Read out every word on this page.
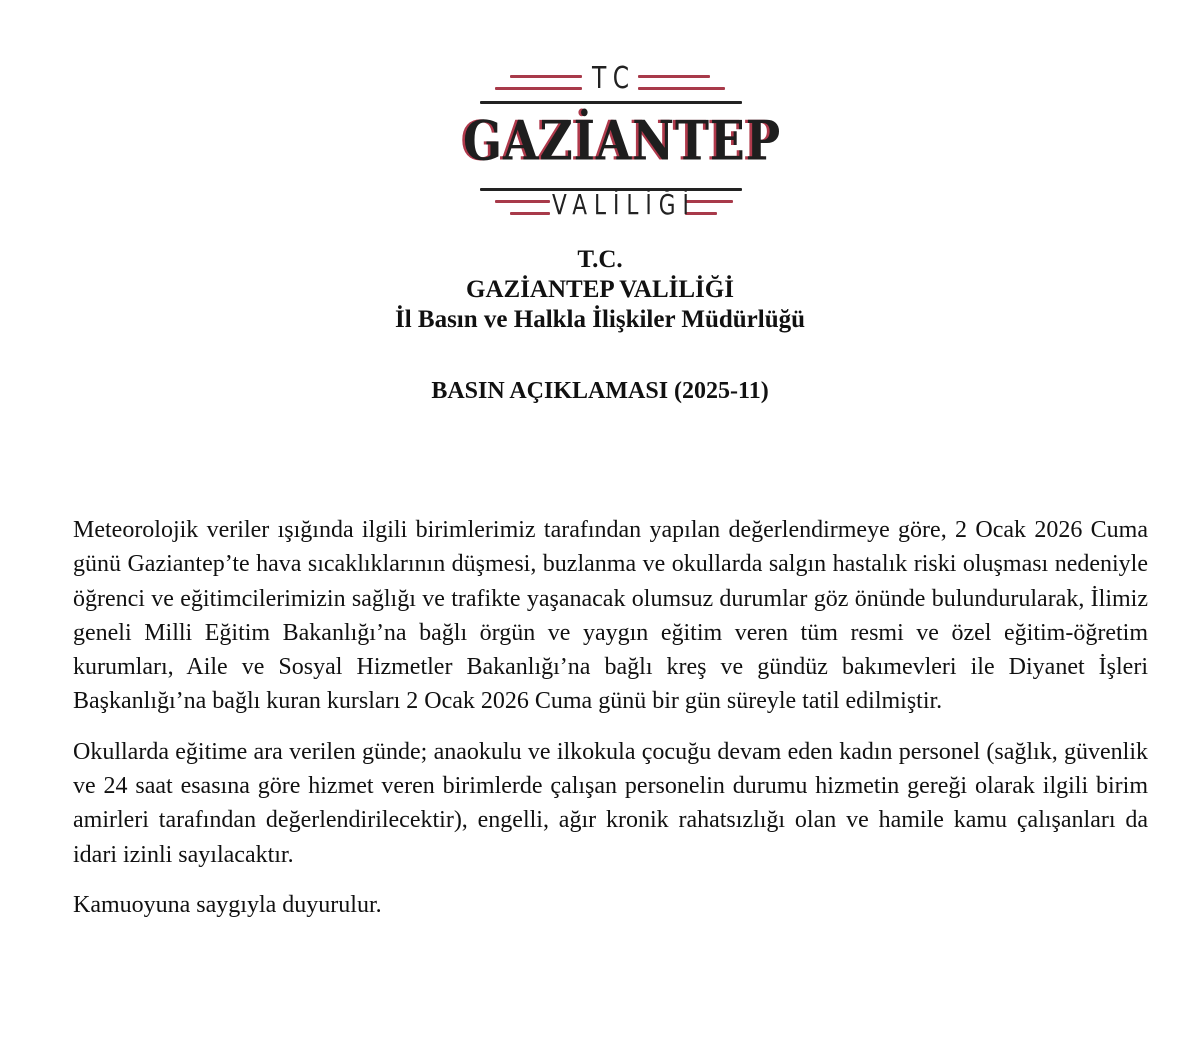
TC
GAZİANTEP
VALİLİĞİ
T.C.
GAZİANTEP VALİLİĞİ
İl Basın ve Halkla İlişkiler Müdürlüğü
BASIN AÇIKLAMASI (2025-11)

Meteorolojik veriler ışığında ilgili birimlerimiz tarafından yapılan değerlendirmeye göre, 2 Ocak 2026 Cuma günü Gaziantep’te hava sıcaklıklarının düşmesi, buzlanma ve okullarda salgın hastalık riski oluşması nedeniyle öğrenci ve eğitimcilerimizin sağlığı ve trafikte yaşanacak olumsuz durumlar göz önünde bulundurularak, İlimiz geneli Milli Eğitim Bakanlığı’na bağlı örgün ve yaygın eğitim veren tüm resmi ve özel eğitim-öğretim kurumları, Aile ve Sosyal Hizmetler Bakanlığı’na bağlı kreş ve gündüz bakımevleri ile Diyanet İşleri Başkanlığı’na bağlı kuran kursları 2 Ocak 2026 Cuma günü bir gün süreyle tatil edilmiştir.

Okullarda eğitime ara verilen günde; anaokulu ve ilkokula çocuğu devam eden kadın personel (sağlık, güvenlik ve 24 saat esasına göre hizmet veren birimlerde çalışan personelin durumu hizmetin gereği olarak ilgili birim amirleri tarafından değerlendirilecektir), engelli, ağır kronik rahatsızlığı olan ve hamile kamu çalışanları da idari izinli sayılacaktır.

Kamuoyuna saygıyla duyurulur.
